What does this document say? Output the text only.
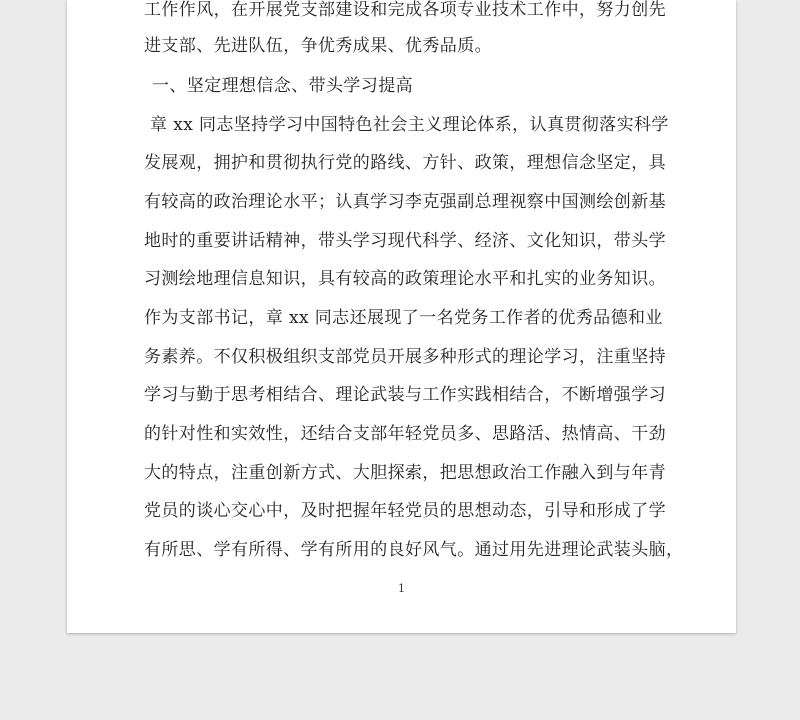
工作作风，在开展党支部建设和完成各项专业技术工作中，努力创先
进支部、先进队伍，争优秀成果、优秀品质。
一、坚定理想信念、带头学习提高
章 xx 同志坚持学习中国特色社会主义理论体系，认真贯彻落实科学
发展观，拥护和贯彻执行党的路线、方针、政策，理想信念坚定，具
有较高的政治理论水平；认真学习李克强副总理视察中国测绘创新基
地时的重要讲话精神，带头学习现代科学、经济、文化知识，带头学
习测绘地理信息知识，具有较高的政策理论水平和扎实的业务知识。
作为支部书记，章 xx 同志还展现了一名党务工作者的优秀品德和业
务素养。不仅积极组织支部党员开展多种形式的理论学习，注重坚持
学习与勤于思考相结合、理论武装与工作实践相结合，不断增强学习
的针对性和实效性，还结合支部年轻党员多、思路活、热情高、干劲
大的特点，注重创新方式、大胆探索，把思想政治工作融入到与年青
党员的谈心交心中，及时把握年轻党员的思想动态，引导和形成了学
有所思、学有所得、学有所用的良好风气。通过用先进理论武装头脑，
1
